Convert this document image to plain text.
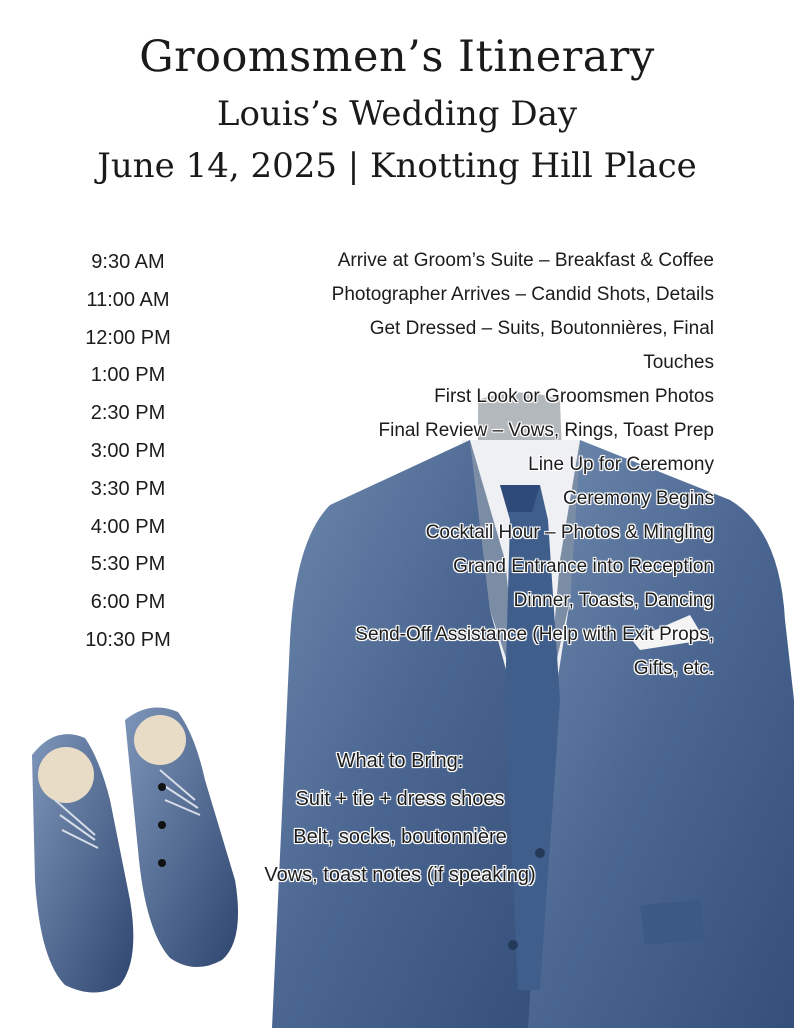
Groomsmen’s Itinerary
Louis’s Wedding Day
June 14, 2025 | Knotting Hill Place
9:30 AM
11:00 AM
12:00 PM
1:00 PM
2:30 PM
3:00 PM
3:30 PM
4:00 PM
5:30 PM
6:00 PM
10:30 PM
Arrive at Groom’s Suite – Breakfast & Coffee
Photographer Arrives – Candid Shots, Details
Get Dressed – Suits, Boutonnières, Final
Touches
First Look or Groomsmen Photos
Final Review – Vows, Rings, Toast Prep
Line Up for Ceremony
Ceremony Begins
Cocktail Hour – Photos & Mingling
Grand Entrance into Reception
Dinner, Toasts, Dancing
Send-Off Assistance (Help with Exit Props,
Gifts, etc.
What to Bring:
Suit + tie + dress shoes
Belt, socks, boutonnière
Vows, toast notes (if speaking)
